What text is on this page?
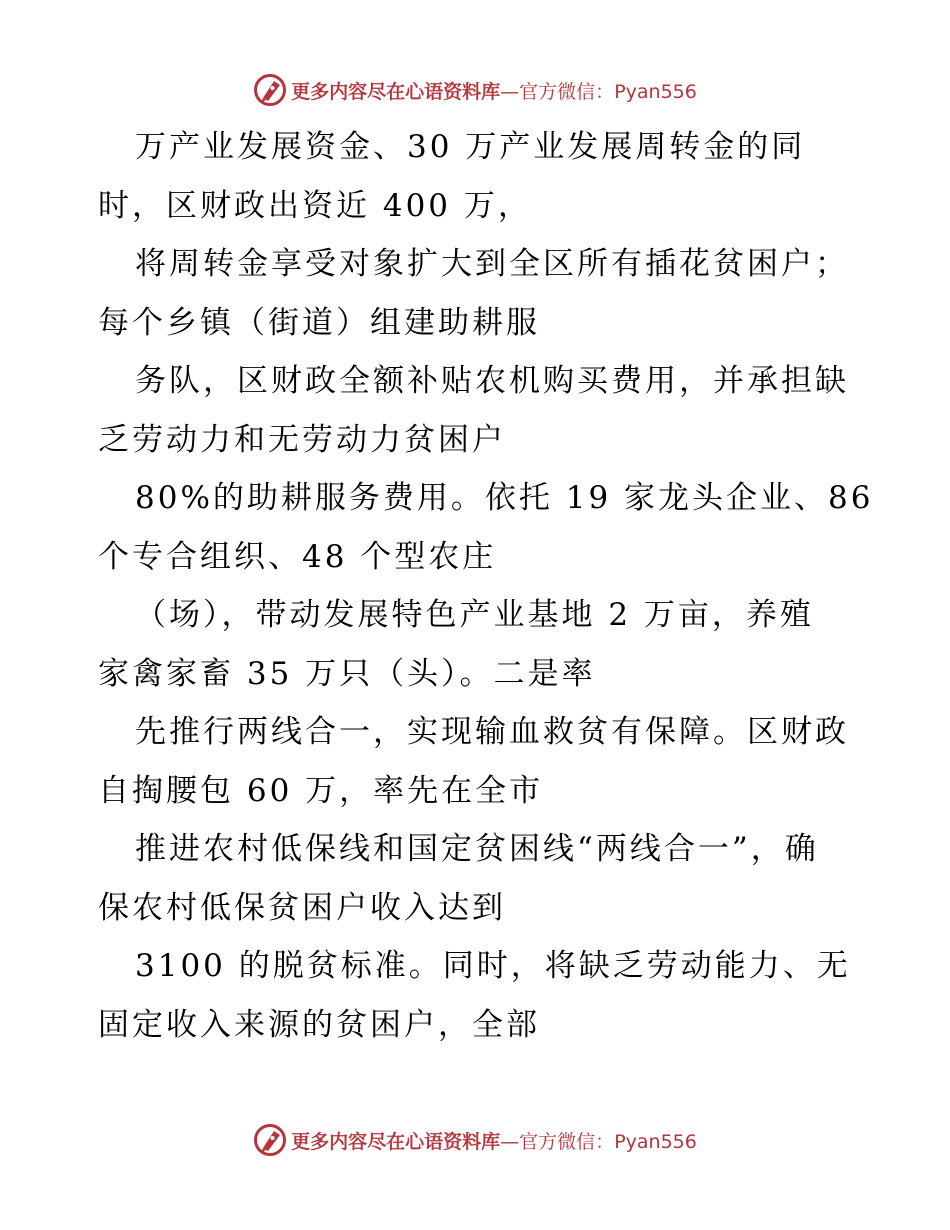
更多内容尽在心语资料库—官方微信：Pyan556
万产业发展资金、30 万产业发展周转金的同
时，区财政出资近 400 万，
将周转金享受对象扩大到全区所有插花贫困户；
每个乡镇（街道）组建助耕服
务队，区财政全额补贴农机购买费用，并承担缺
乏劳动力和无劳动力贫困户
80%的助耕服务费用。依托 19 家龙头企业、86
个专合组织、48 个型农庄
（场），带动发展特色产业基地 2 万亩，养殖
家禽家畜 35 万只（头）。二是率
先推行两线合一，实现输血救贫有保障。区财政
自掏腰包 60 万，率先在全市
推进农村低保线和国定贫困线“两线合一”，确
保农村低保贫困户收入达到
3100 的脱贫标准。同时，将缺乏劳动能力、无
固定收入来源的贫困户，全部
更多内容尽在心语资料库—官方微信：Pyan556
